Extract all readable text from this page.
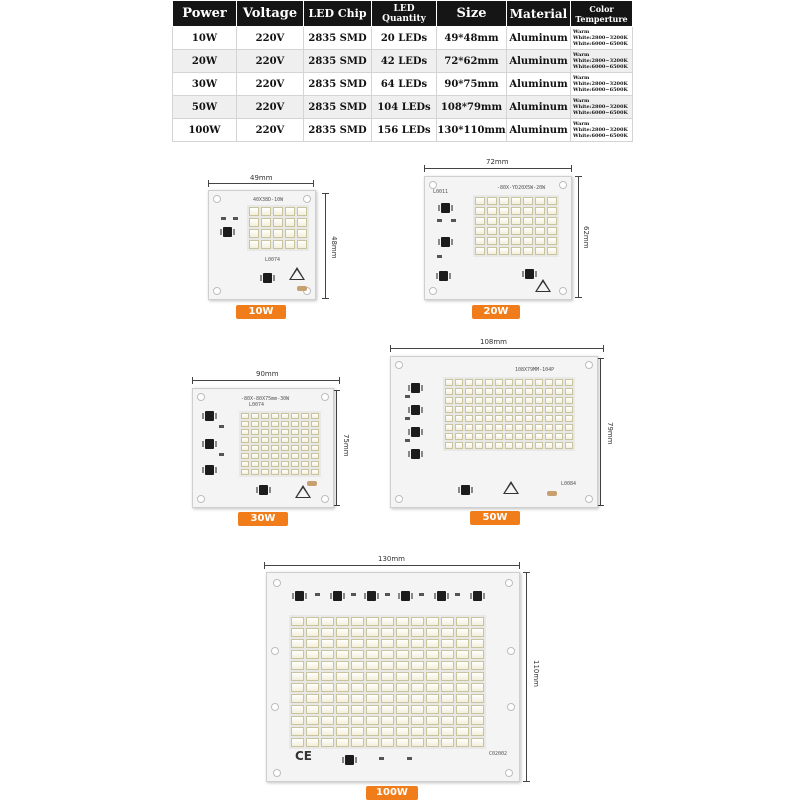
Power	Voltage	LED Chip	LED Quantity	Size	Material	Color Temperture
10W	220V	2835 SMD	20 LEDs	49*48mm	Aluminum	Warm White:2800~3200K
White:6000~6500K
20W	220V	2835 SMD	42 LEDs	72*62mm	Aluminum	Warm White:2800~3200K
White:6000~6500K
30W	220V	2835 SMD	64 LEDs	90*75mm	Aluminum	Warm White:2800~3200K
White:6000~6500K
50W	220V	2835 SMD	104 LEDs	108*79mm	Aluminum	Warm White:2800~3200K
White:6000~6500K
100W	220V	2835 SMD	156 LEDs	130*110mm	Aluminum	Warm White:2800~3200K
White:6000~6500K
49mm
48mm
40X38D-10W
L0074
10W
72mm
62mm
-80X-YD20X5W-20W
L0011
20W
90mm
75mm
-80X-80X75mm-30W
L0074
30W
108mm
79mm
108X79MM-104P
L0084
50W
130mm
110mm
CE	C02002
100W
